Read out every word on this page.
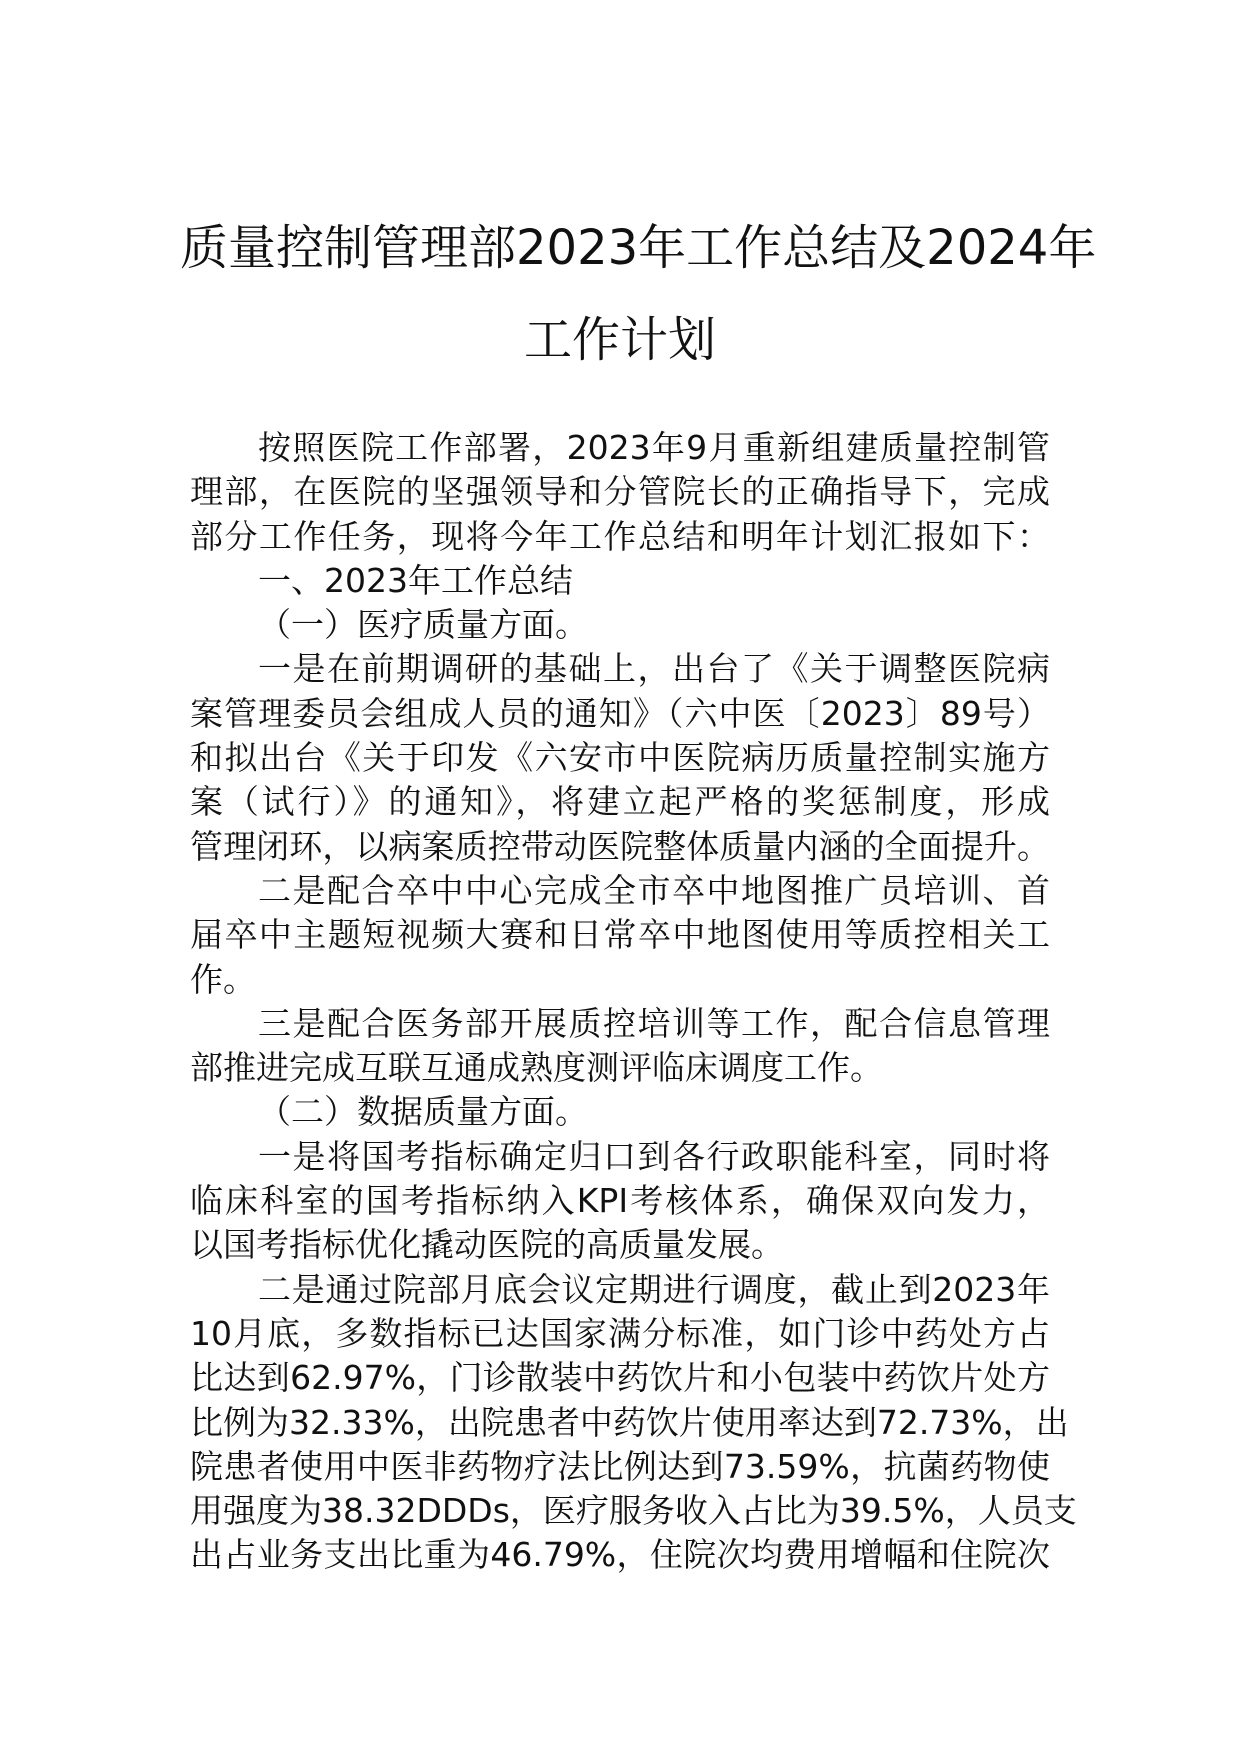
质量控制管理部2023年工作总结及2024年
工作计划
按照医院工作部署，2023年9月重新组建质量控制管
理部，在医院的坚强领导和分管院长的正确指导下，完成
部分工作任务，现将今年工作总结和明年计划汇报如下：
一、2023年工作总结
（一）医疗质量方面。
一是在前期调研的基础上，出台了《关于调整医院病
案管理委员会组成人员的通知》（六中医〔2023〕89号）
和拟出台《关于印发《六安市中医院病历质量控制实施方
案（试行）》的通知》，将建立起严格的奖惩制度，形成
管理闭环，以病案质控带动医院整体质量内涵的全面提升。
二是配合卒中中心完成全市卒中地图推广员培训、首
届卒中主题短视频大赛和日常卒中地图使用等质控相关工
作。
三是配合医务部开展质控培训等工作，配合信息管理
部推进完成互联互通成熟度测评临床调度工作。
（二）数据质量方面。
一是将国考指标确定归口到各行政职能科室，同时将
临床科室的国考指标纳入KPI考核体系，确保双向发力，
以国考指标优化撬动医院的高质量发展。
二是通过院部月底会议定期进行调度，截止到2023年
10月底，多数指标已达国家满分标准，如门诊中药处方占
比达到62.97%，门诊散装中药饮片和小包装中药饮片处方
比例为32.33%，出院患者中药饮片使用率达到72.73%，出
院患者使用中医非药物疗法比例达到73.59%，抗菌药物使
用强度为38.32DDDs，医疗服务收入占比为39.5%，人员支
出占业务支出比重为46.79%，住院次均费用增幅和住院次
